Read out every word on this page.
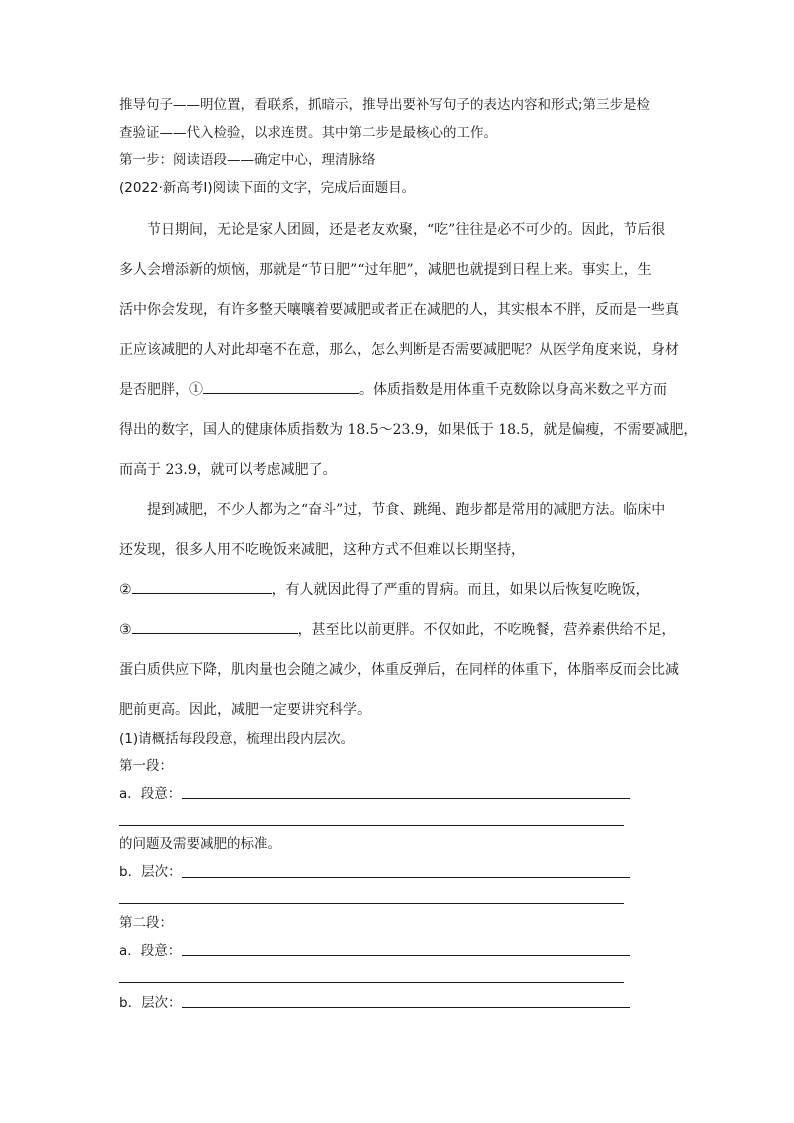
推导句子——明位置，看联系，抓暗示，推导出要补写句子的表达内容和形式;第三步是检
查验证——代入检验，以求连贯。其中第二步是最核心的工作。
第一步：阅读语段——确定中心，理清脉络
(2022·新高考Ⅰ)阅读下面的文字，完成后面题目。
节日期间，无论是家人团圆，还是老友欢聚，“吃”往往是必不可少的。因此，节后很
多人会增添新的烦恼，那就是“节日肥”“过年肥”，减肥也就提到日程上来。事实上，生
活中你会发现，有许多整天嚷嚷着要减肥或者正在减肥的人，其实根本不胖，反而是一些真
正应该减肥的人对此却毫不在意，那么，怎么判断是否需要减肥呢？从医学角度来说，身材
是否肥胖，①	。体质指数是用体重千克数除以身高米数之平方而
得出的数字，国人的健康体质指数为 18.5～23.9，如果低于 18.5，就是偏瘦，不需要减肥，
而高于 23.9，就可以考虑减肥了。
提到减肥，不少人都为之“奋斗”过，节食、跳绳、跑步都是常用的减肥方法。临床中
还发现，很多人用不吃晚饭来减肥，这种方式不但难以长期坚持，
②	，有人就因此得了严重的胃病。而且，如果以后恢复吃晚饭，
③	，甚至比以前更胖。不仅如此，不吃晚餐，营养素供给不足，
蛋白质供应下降，肌肉量也会随之减少，体重反弹后，在同样的体重下，体脂率反而会比减
肥前更高。因此，减肥一定要讲究科学。
(1)请概括每段段意，梳理出段内层次。
第一段：
a．段意：
的问题及需要减肥的标准。
b．层次：
第二段：
a．段意：
b．层次：
